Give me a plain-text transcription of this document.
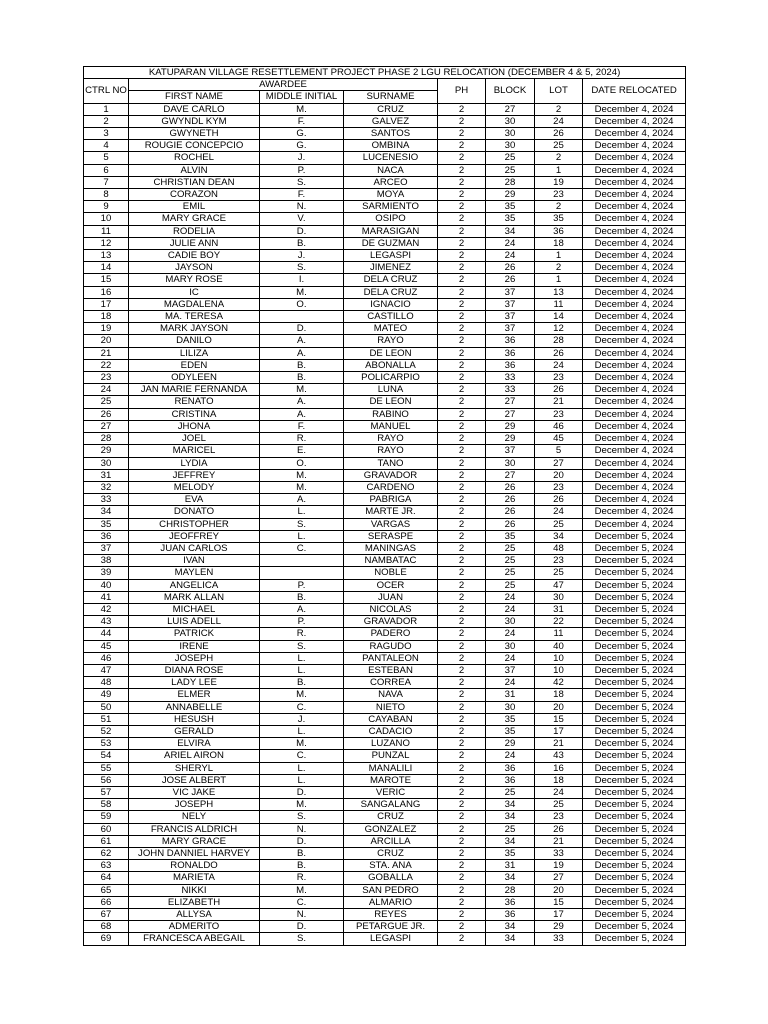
KATUPARAN VILLAGE RESETTLEMENT PROJECT PHASE 2 LGU RELOCATION (DECEMBER 4 & 5, 2024)							
CTRL NO	AWARDEE			PH	BLOCK	LOT	DATE RELOCATED
	FIRST NAME	MIDDLE INITIAL	SURNAME				
1	DAVE CARLO	M.	CRUZ	2	27	2	December 4, 2024
2	GWYNDL KYM	F.	GALVEZ	2	30	24	December 4, 2024
3	GWYNETH	G.	SANTOS	2	30	26	December 4, 2024
4	ROUGIE CONCEPCIO	G.	OMBINA	2	30	25	December 4, 2024
5	ROCHEL	J.	LUCENESIO	2	25	2	December 4, 2024
6	ALVIN	P.	NACA	2	25	1	December 4, 2024
7	CHRISTIAN DEAN	S.	ARCEO	2	28	19	December 4, 2024
8	CORAZON	F.	MOYA	2	29	23	December 4, 2024
9	EMIL	N.	SARMIENTO	2	35	2	December 4, 2024
10	MARY GRACE	V.	OSIPO	2	35	35	December 4, 2024
11	RODELIA	D.	MARASIGAN	2	34	36	December 4, 2024
12	JULIE ANN	B.	DE GUZMAN	2	24	18	December 4, 2024
13	CADIE BOY	J.	LEGASPI	2	24	1	December 4, 2024
14	JAYSON	S.	JIMENEZ	2	26	2	December 4, 2024
15	MARY ROSE	I.	DELA CRUZ	2	26	1	December 4, 2024
16	IC	M.	DELA CRUZ	2	37	13	December 4, 2024
17	MAGDALENA	O.	IGNACIO	2	37	11	December 4, 2024
18	MA. TERESA		CASTILLO	2	37	14	December 4, 2024
19	MARK JAYSON	D.	MATEO	2	37	12	December 4, 2024
20	DANILO	A.	RAYO	2	36	28	December 4, 2024
21	LILIZA	A.	DE LEON	2	36	26	December 4, 2024
22	EDEN	B.	ABONALLA	2	36	24	December 4, 2024
23	ODYLEEN	B.	POLICARPIO	2	33	23	December 4, 2024
24	JAN MARIE FERNANDA	M.	LUNA	2	33	26	December 4, 2024
25	RENATO	A.	DE LEON	2	27	21	December 4, 2024
26	CRISTINA	A.	RABINO	2	27	23	December 4, 2024
27	JHONA	F.	MANUEL	2	29	46	December 4, 2024
28	JOEL	R.	RAYO	2	29	45	December 4, 2024
29	MARICEL	E.	RAYO	2	37	5	December 4, 2024
30	LYDIA	O.	TANO	2	30	27	December 4, 2024
31	JEFFREY	M.	GRAVADOR	2	27	20	December 4, 2024
32	MELODY	M.	CARDENO	2	26	23	December 4, 2024
33	EVA	A.	PABRIGA	2	26	26	December 4, 2024
34	DONATO	L.	MARTE JR.	2	26	24	December 4, 2024
35	CHRISTOPHER	S.	VARGAS	2	26	25	December 4, 2024
36	JEOFFREY	L.	SERASPE	2	35	34	December 5, 2024
37	JUAN CARLOS	C.	MANINGAS	2	25	48	December 5, 2024
38	IVAN		NAMBATAC	2	25	23	December 5, 2024
39	MAYLEN		NOBLE	2	25	25	December 5, 2024
40	ANGELICA	P.	OCER	2	25	47	December 5, 2024
41	MARK ALLAN	B.	JUAN	2	24	30	December 5, 2024
42	MICHAEL	A.	NICOLAS	2	24	31	December 5, 2024
43	LUIS ADELL	P.	GRAVADOR	2	30	22	December 5, 2024
44	PATRICK	R.	PADERO	2	24	11	December 5, 2024
45	IRENE	S.	RAGUDO	2	30	40	December 5, 2024
46	JOSEPH	L.	PANTALEON	2	24	10	December 5, 2024
47	DIANA ROSE	L.	ESTEBAN	2	37	10	December 5, 2024
48	LADY LEE	B.	CORREA	2	24	42	December 5, 2024
49	ELMER	M.	NAVA	2	31	18	December 5, 2024
50	ANNABELLE	C.	NIETO	2	30	20	December 5, 2024
51	HESUSH	J.	CAYABAN	2	35	15	December 5, 2024
52	GERALD	L.	CADACIO	2	35	17	December 5, 2024
53	ELVIRA	M.	LUZANO	2	29	21	December 5, 2024
54	ARIEL AIRON	C.	PUNZAL	2	24	43	December 5, 2024
55	SHERYL	L.	MANALILI	2	36	16	December 5, 2024
56	JOSE ALBERT	L.	MAROTE	2	36	18	December 5, 2024
57	VIC JAKE	D.	VERIC	2	25	24	December 5, 2024
58	JOSEPH	M.	SANGALANG	2	34	25	December 5, 2024
59	NELY	S.	CRUZ	2	34	23	December 5, 2024
60	FRANCIS ALDRICH	N.	GONZALEZ	2	25	26	December 5, 2024
61	MARY GRACE	D.	ARCILLA	2	34	21	December 5, 2024
62	JOHN DANNIEL HARVEY	B.	CRUZ	2	35	33	December 5, 2024
63	RONALDO	B.	STA. ANA	2	31	19	December 5, 2024
64	MARIETA	R.	GOBALLA	2	34	27	December 5, 2024
65	NIKKI	M.	SAN PEDRO	2	28	20	December 5, 2024
66	ELIZABETH	C.	ALMARIO	2	36	15	December 5, 2024
67	ALLYSA	N.	REYES	2	36	17	December 5, 2024
68	ADMERITO	D.	PETARGUE JR.	2	34	29	December 5, 2024
69	FRANCESCA ABEGAIL	S.	LEGASPI	2	34	33	December 5, 2024
